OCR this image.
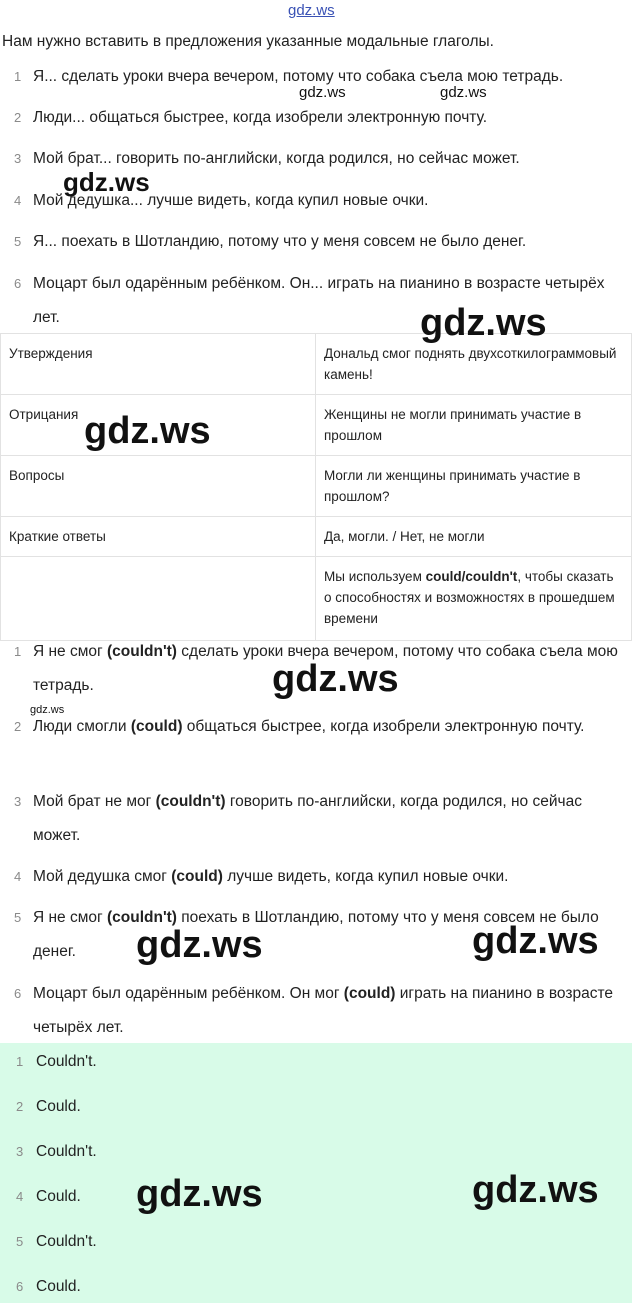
Нам нужно вставить в предложения указанные модальные глаголы.
1 Я... сделать уроки вчера вечером, потому что собака съела мою тетрадь.
2 Люди... общаться быстрее, когда изобрели электронную почту.
3 Мой брат... говорить по-английски, когда родился, но сейчас может.
4 Мой дедушка... лучше видеть, когда купил новые очки.
5 Я... поехать в Шотландию, потому что у меня совсем не было денег.
6 Моцарт был одарённым ребёнком. Он... играть на пианино в возрасте четырёх лет.
Утверждения	Дональд смог поднять двухсоткилограммовый камень!
Отрицания	Женщины не могли принимать участие в прошлом
Вопросы	Могли ли женщины принимать участие в прошлом?
Краткие ответы	Да, могли. / Нет, не могли
	Мы используем could/couldn't, чтобы сказать о способностях и возможностях в прошедшем времени
1 Я не смог (couldn't) сделать уроки вчера вечером, потому что собака съела мою тетрадь.
2 Люди смогли (could) общаться быстрее, когда изобрели электронную почту.
3 Мой брат не мог (couldn't) говорить по-английски, когда родился, но сейчас может.
4 Мой дедушка смог (could) лучше видеть, когда купил новые очки.
5 Я не смог (couldn't) поехать в Шотландию, потому что у меня совсем не было денег.
6 Моцарт был одарённым ребёнком. Он мог (could) играть на пианино в возрасте четырёх лет.
1 Couldn't.
2 Could.
3 Couldn't.
4 Could.
5 Couldn't.
6 Could.
gdz.ws
gdz.ws	gdz.ws
gdz.ws
gdz.ws
gdz.ws
gdz.ws
gdz.ws
gdz.ws	gdz.ws
gdz.ws	gdz.ws
